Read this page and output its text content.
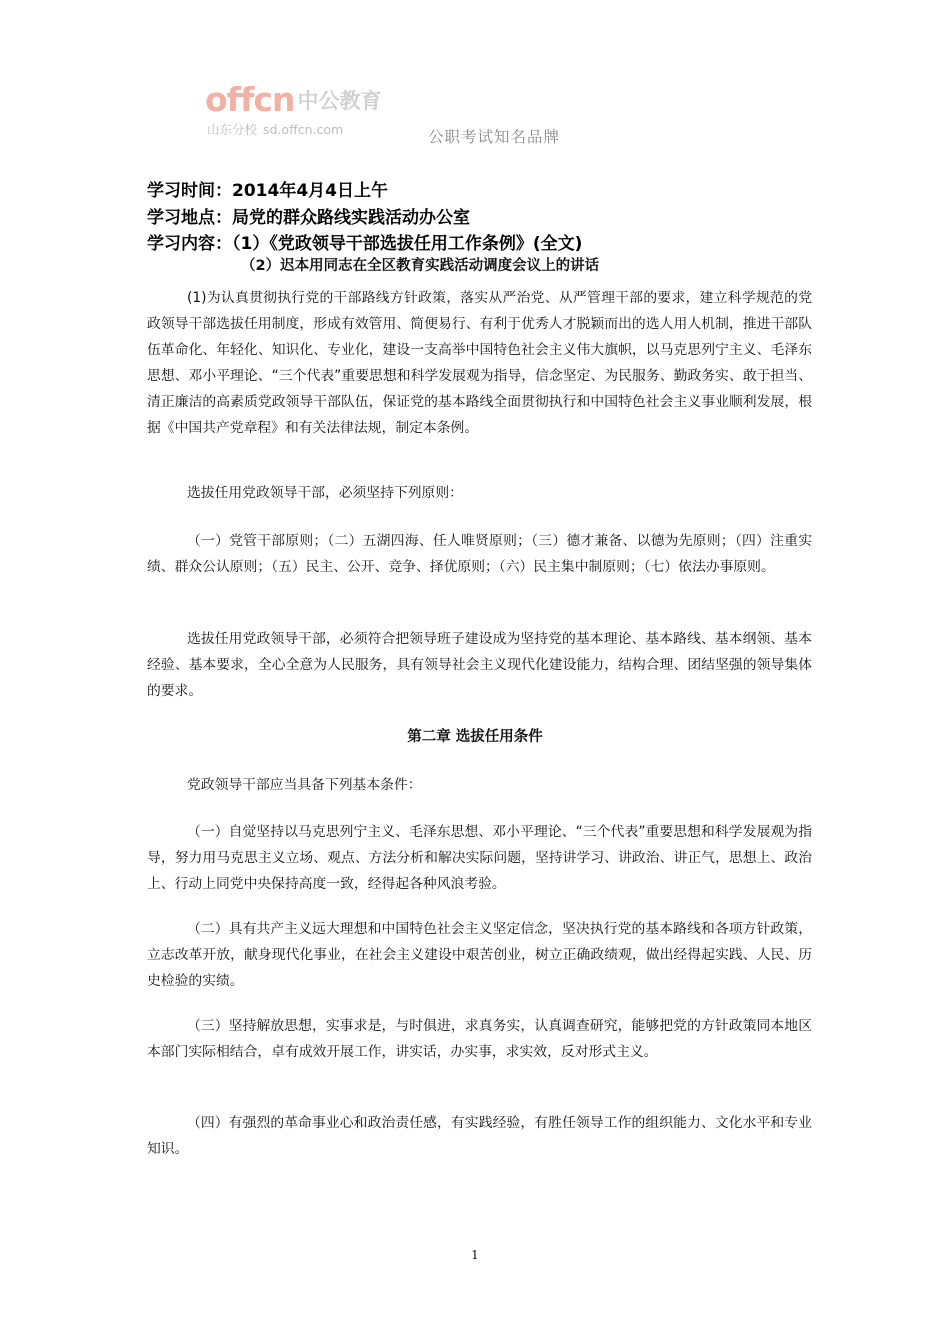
offcn 中公教育
山东分校 sd.offcn.com	公职考试知名品牌
学习时间：2014年4月4日上午
学习地点：局党的群众路线实践活动办公室
学习内容：（1）《党政领导干部选拔任用工作条例》(全文)
（2）迟本用同志在全区教育实践活动调度会议上的讲话

(1)为认真贯彻执行党的干部路线方针政策，落实从严治党、从严管理干部的要求，建立科学规范的党政领导干部选拔任用制度，形成有效管用、简便易行、有利于优秀人才脱颖而出的选人用人机制，推进干部队伍革命化、年轻化、知识化、专业化，建设一支高举中国特色社会主义伟大旗帜，以马克思列宁主义、毛泽东思想、邓小平理论、“三个代表”重要思想和科学发展观为指导，信念坚定、为民服务、勤政务实、敢于担当、清正廉洁的高素质党政领导干部队伍，保证党的基本路线全面贯彻执行和中国特色社会主义事业顺利发展，根据《中国共产党章程》和有关法律法规，制定本条例。

选拔任用党政领导干部，必须坚持下列原则：

（一）党管干部原则；（二）五湖四海、任人唯贤原则；（三）德才兼备、以德为先原则；（四）注重实绩、群众公认原则；（五）民主、公开、竞争、择优原则；（六）民主集中制原则；（七）依法办事原则。

选拔任用党政领导干部，必须符合把领导班子建设成为坚持党的基本理论、基本路线、基本纲领、基本经验、基本要求，全心全意为人民服务，具有领导社会主义现代化建设能力，结构合理、团结坚强的领导集体的要求。

第二章 选拔任用条件

党政领导干部应当具备下列基本条件：

（一）自觉坚持以马克思列宁主义、毛泽东思想、邓小平理论、“三个代表”重要思想和科学发展观为指导，努力用马克思主义立场、观点、方法分析和解决实际问题，坚持讲学习、讲政治、讲正气，思想上、政治上、行动上同党中央保持高度一致，经得起各种风浪考验。

（二）具有共产主义远大理想和中国特色社会主义坚定信念，坚决执行党的基本路线和各项方针政策，立志改革开放，献身现代化事业，在社会主义建设中艰苦创业，树立正确政绩观，做出经得起实践、人民、历史检验的实绩。

（三）坚持解放思想，实事求是，与时俱进，求真务实，认真调查研究，能够把党的方针政策同本地区本部门实际相结合，卓有成效开展工作，讲实话，办实事，求实效，反对形式主义。

（四）有强烈的革命事业心和政治责任感，有实践经验，有胜任领导工作的组织能力、文化水平和专业知识。

1
